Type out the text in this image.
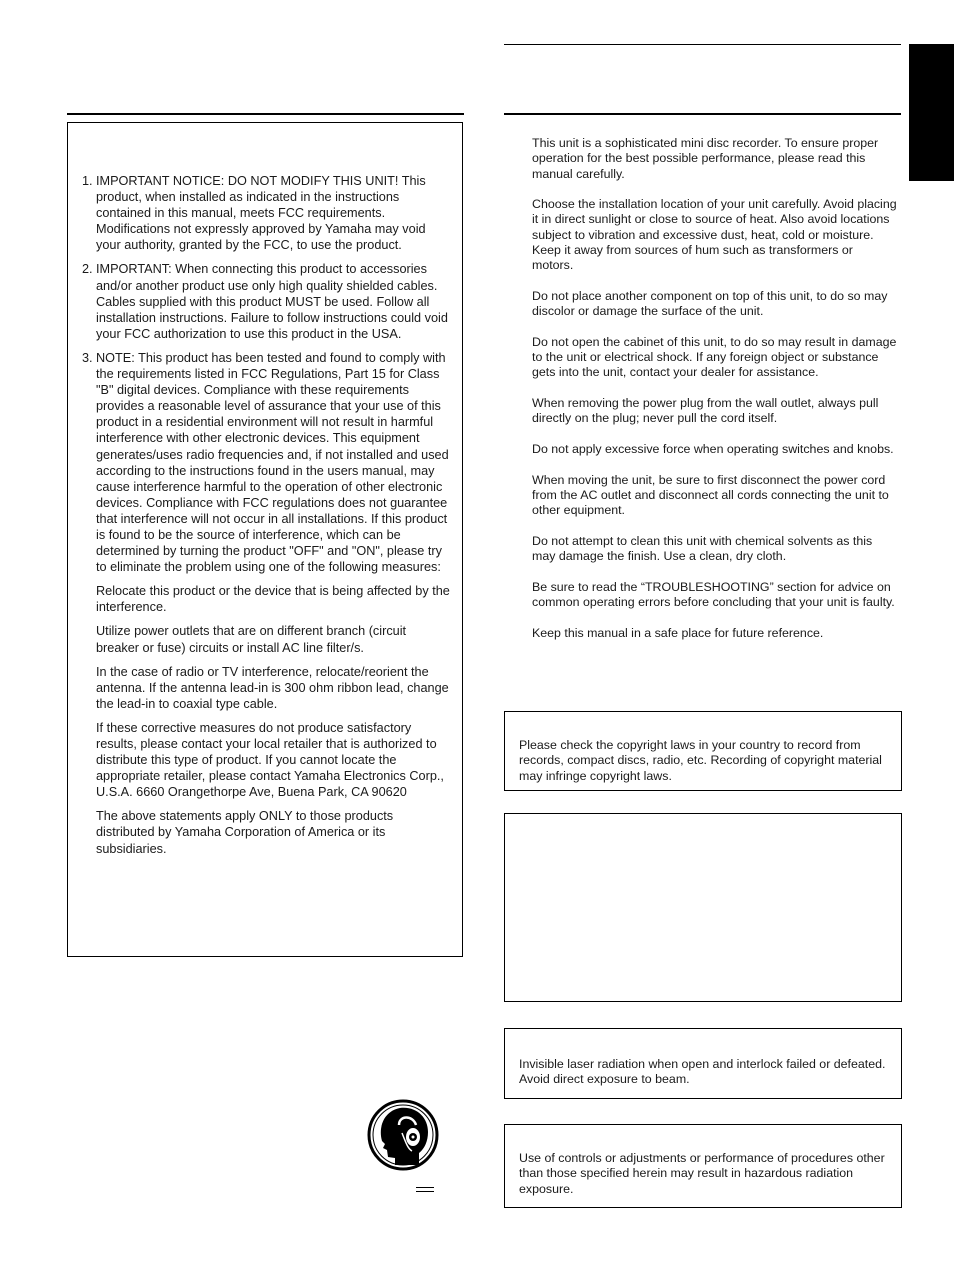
1. IMPORTANT NOTICE: DO NOT MODIFY THIS UNIT! This product, when installed as indicated in the instructions contained in this manual, meets FCC requirements. Modifications not expressly approved by Yamaha may void your authority, granted by the FCC, to use the product.
2. IMPORTANT: When connecting this product to accessories and/or another product use only high quality shielded cables. Cables supplied with this product MUST be used. Follow all installation instructions. Failure to follow instructions could void your FCC authorization to use this product in the USA.
3. NOTE: This product has been tested and found to comply with the requirements listed in FCC Regulations, Part 15 for Class "B" digital devices. Compliance with these requirements provides a reasonable level of assurance that your use of this product in a residential environment will not result in harmful interference with other electronic devices. This equipment generates/uses radio frequencies and, if not installed and used according to the instructions found in the users manual, may cause interference harmful to the operation of other electronic devices. Compliance with FCC regulations does not guarantee that interference will not occur in all installations. If this product is found to be the source of interference, which can be determined by turning the product "OFF" and "ON", please try to eliminate the problem using one of the following measures:
Relocate this product or the device that is being affected by the interference.
Utilize power outlets that are on different branch (circuit breaker or fuse) circuits or install AC line filter/s.
In the case of radio or TV interference, relocate/reorient the antenna. If the antenna lead-in is 300 ohm ribbon lead, change the lead-in to coaxial type cable.
If these corrective measures do not produce satisfactory results, please contact your local retailer that is authorized to distribute this type of product. If you cannot locate the appropriate retailer, please contact Yamaha Electronics Corp., U.S.A. 6660 Orangethorpe Ave, Buena Park, CA 90620
The above statements apply ONLY to those products distributed by Yamaha Corporation of America or its subsidiaries.

This unit is a sophisticated mini disc recorder. To ensure proper operation for the best possible performance, please read this manual carefully.

Choose the installation location of your unit carefully. Avoid placing it in direct sunlight or close to source of heat. Also avoid locations subject to vibration and excessive dust, heat, cold or moisture. Keep it away from sources of hum such as transformers or motors.

Do not place another component on top of this unit, to do so may discolor or damage the surface of the unit.

Do not open the cabinet of this unit, to do so may result in damage to the unit or electrical shock. If any foreign object or substance gets into the unit, contact your dealer for assistance.

When removing the power plug from the wall outlet, always pull directly on the plug; never pull the cord itself.

Do not apply excessive force when operating switches and knobs.

When moving the unit, be sure to first disconnect the power cord from the AC outlet and disconnect all cords connecting the unit to other equipment.

Do not attempt to clean this unit with chemical solvents as this may damage the finish. Use a clean, dry cloth.

Be sure to read the “TROUBLESHOOTING” section for advice on common operating errors before concluding that your unit is faulty.

Keep this manual in a safe place for future reference.

Please check the copyright laws in your country to record from records, compact discs, radio, etc. Recording of copyright material may infringe copyright laws.
Invisible laser radiation when open and interlock failed or defeated. Avoid direct exposure to beam.
Use of controls or adjustments or performance of procedures other than those specified herein may result in hazardous radiation exposure.
